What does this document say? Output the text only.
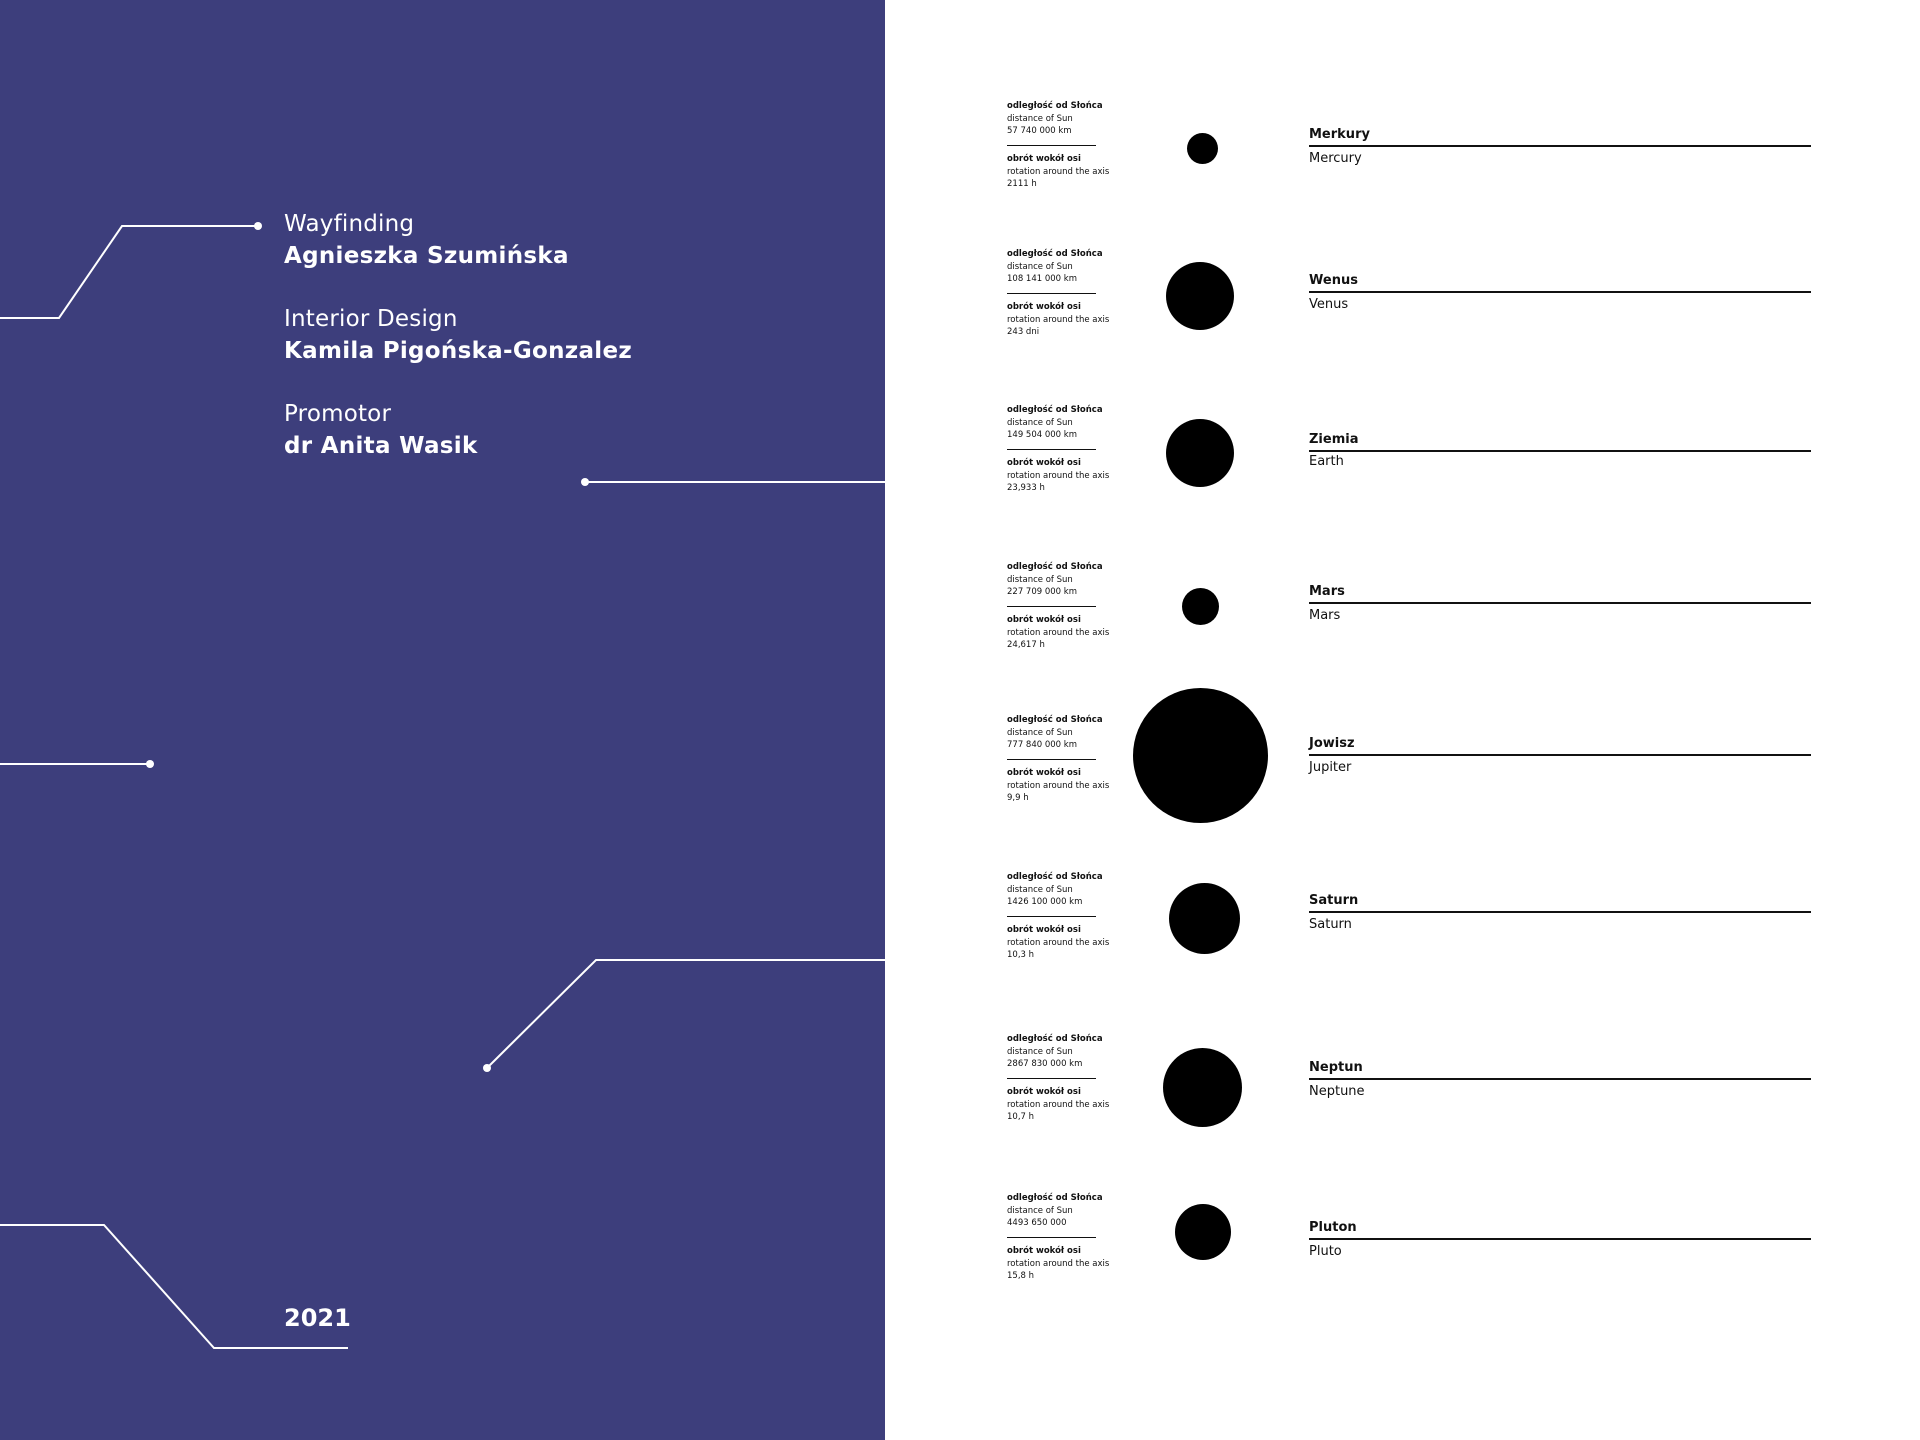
Wayfinding
Agnieszka Szumińska
Interior Design
Kamila Pigońska-Gonzalez
Promotor
dr Anita Wasik
2021
odległość od Słońca
distance of Sun
57 740 000 km
obrót wokół osi
rotation around the axis
2111 h
Merkury
Mercury
odległość od Słońca
distance of Sun
108 141 000 km
obrót wokół osi
rotation around the axis
243 dni
Wenus
Venus
odległość od Słońca
distance of Sun
149 504 000 km
obrót wokół osi
rotation around the axis
23,933 h
Ziemia
Earth
odległość od Słońca
distance of Sun
227 709 000 km
obrót wokół osi
rotation around the axis
24,617 h
Mars
Mars
odległość od Słońca
distance of Sun
777 840 000 km
obrót wokół osi
rotation around the axis
9,9 h
Jowisz
Jupiter
odległość od Słońca
distance of Sun
1426 100 000 km
obrót wokół osi
rotation around the axis
10,3 h
Saturn
Saturn
odległość od Słońca
distance of Sun
2867 830 000 km
obrót wokół osi
rotation around the axis
10,7 h
Neptun
Neptune
odległość od Słońca
distance of Sun
4493 650 000
obrót wokół osi
rotation around the axis
15,8 h
Pluton
Pluto
